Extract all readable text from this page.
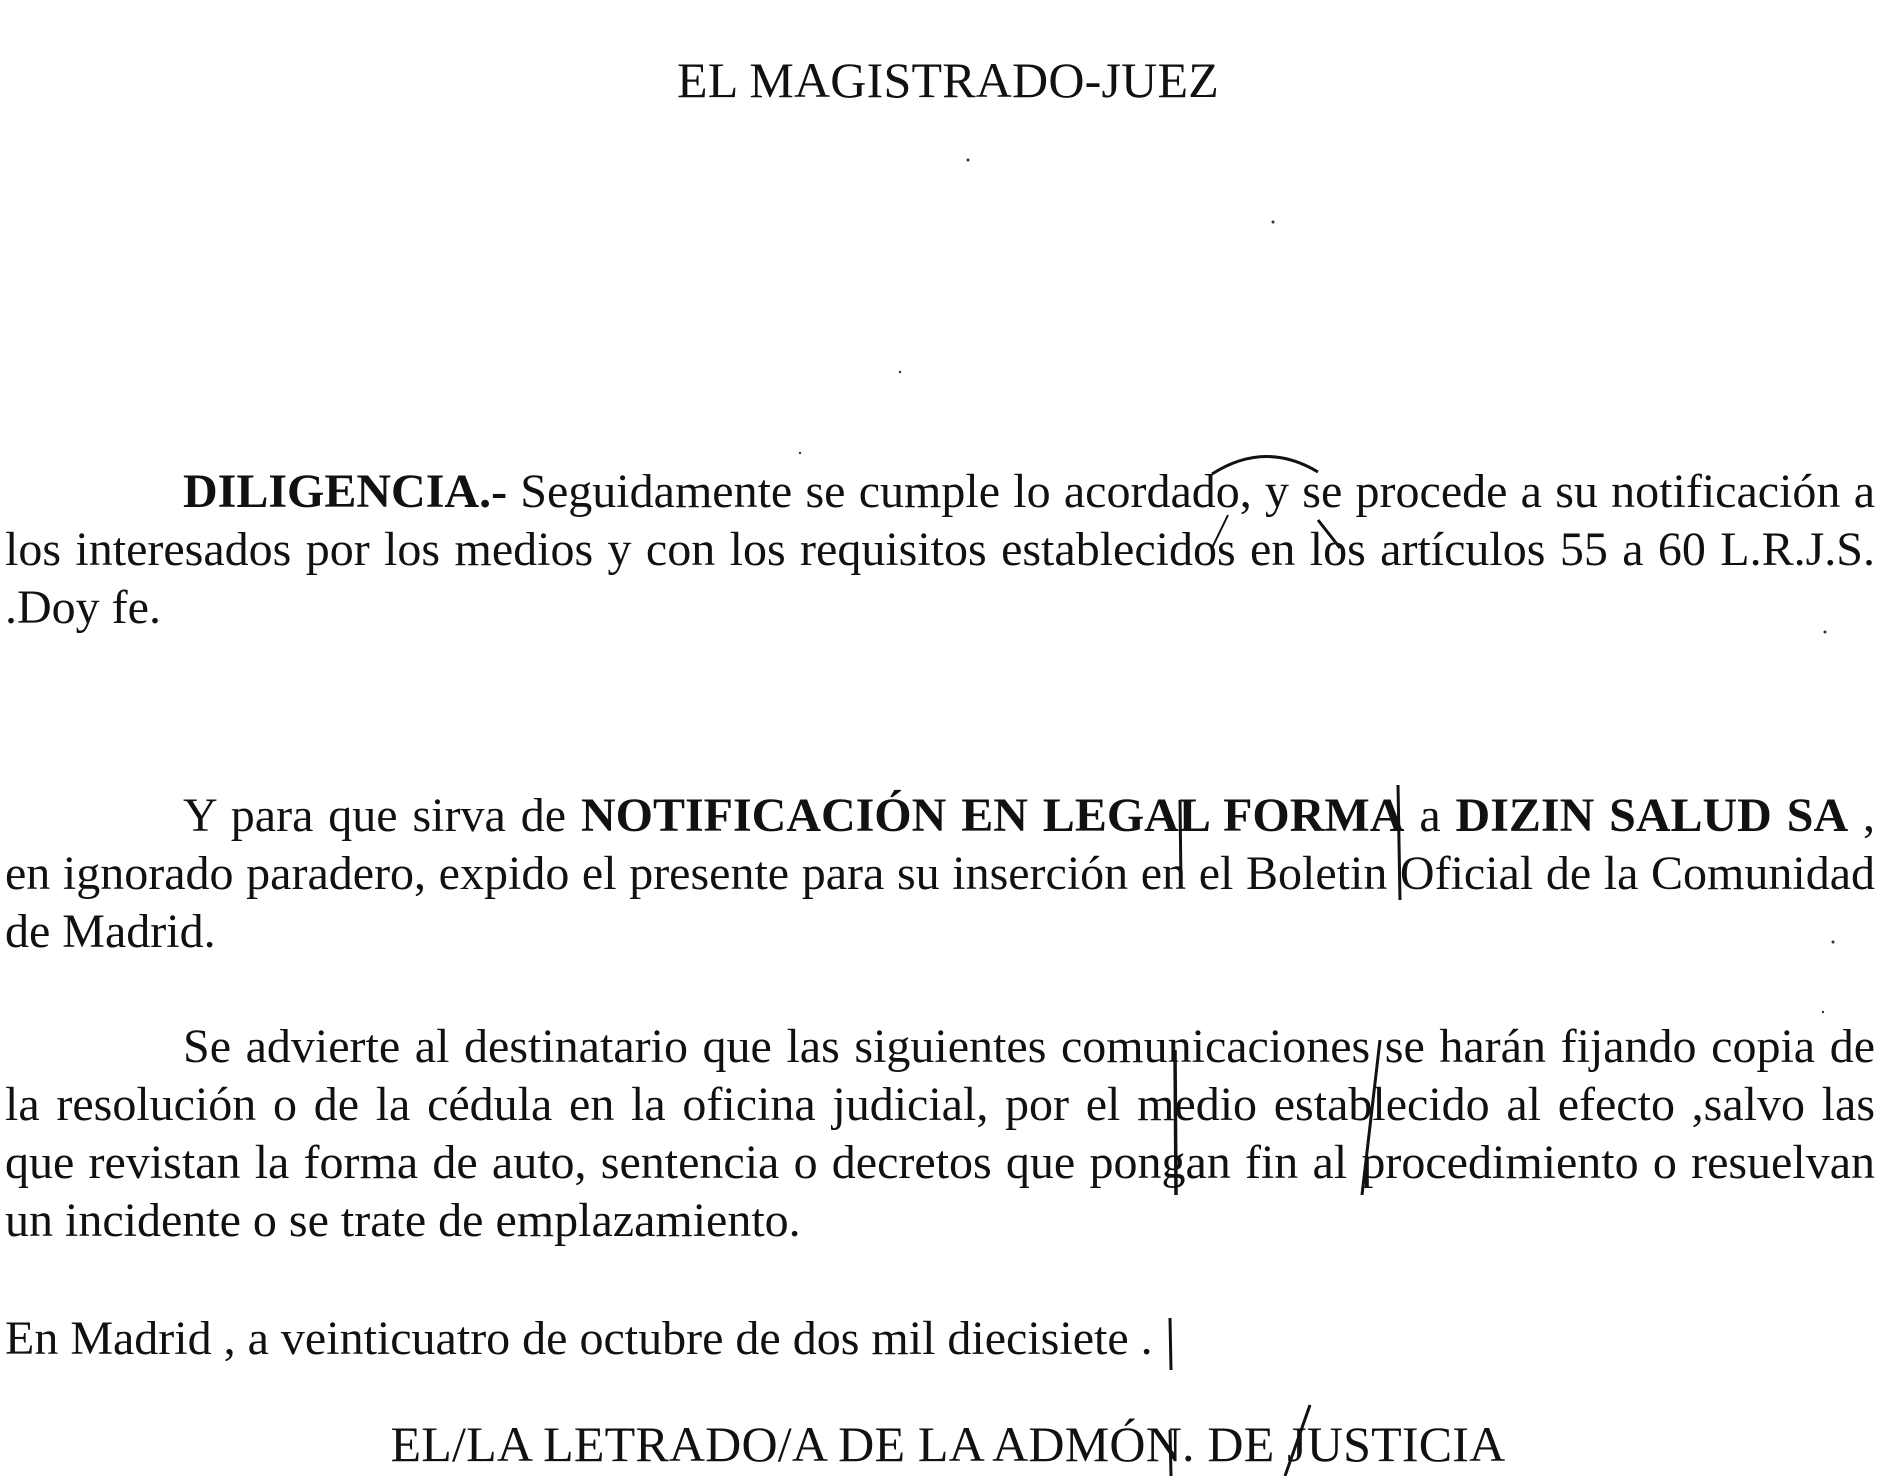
EL MAGISTRADO-JUEZ

DILIGENCIA.- Seguidamente se cumple lo acordado, y se procede a su notificación a los interesados por los medios y con los requisitos establecidos en los artículos 55 a 60 L.R.J.S. .Doy fe.

Y para que sirva de NOTIFICACIÓN EN LEGAL FORMA a DIZIN SALUD SA , en ignorado paradero, expido el presente para su inserción en el Boletin Oficial de la Comunidad de Madrid.

Se advierte al destinatario que las siguientes comunicaciones se harán fijando copia de la resolución o de la cédula en la oficina judicial, por el medio establecido al efecto ,salvo las que revistan la forma de auto, sentencia o decretos que pongan fin al procedimiento o resuelvan un incidente o se trate de emplazamiento.

En Madrid , a veinticuatro de octubre de dos mil diecisiete .

EL/LA LETRADO/A DE LA ADMÓN. DE JUSTICIA
